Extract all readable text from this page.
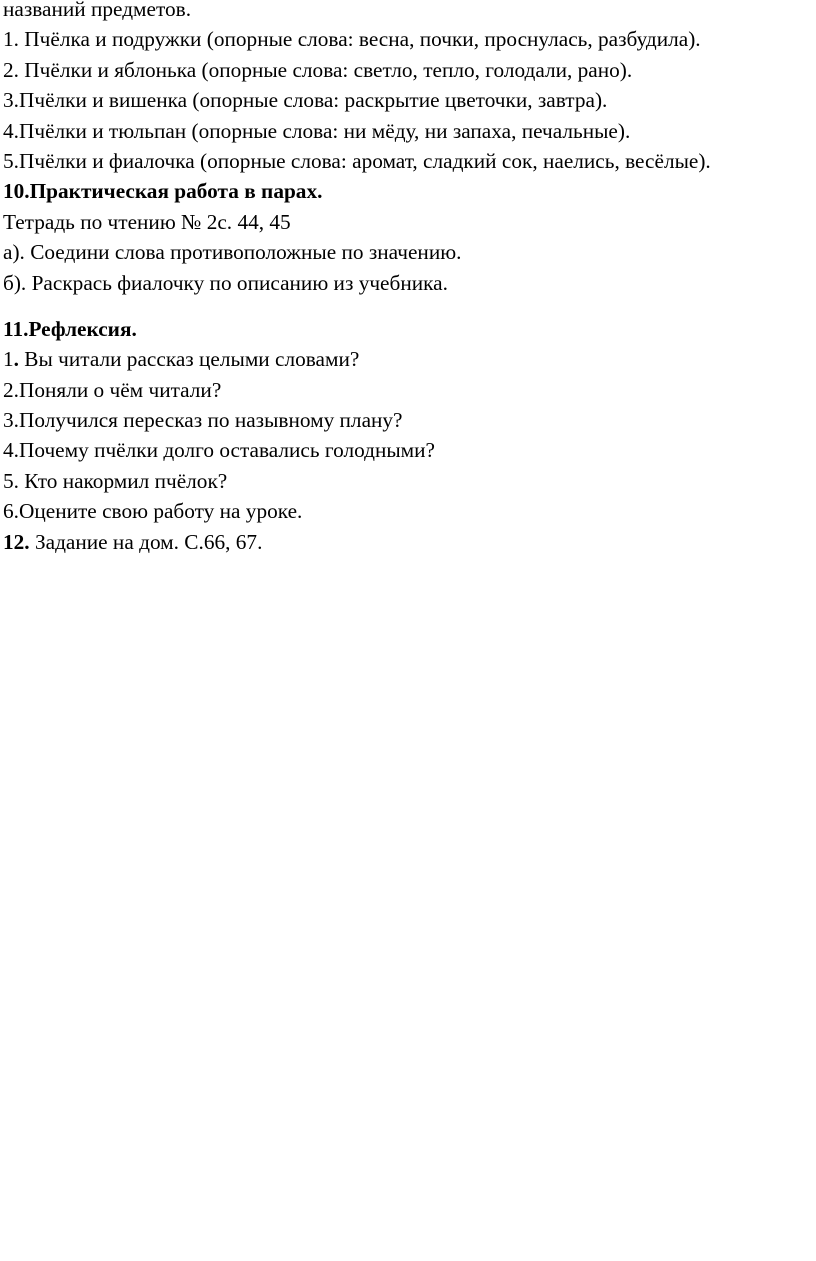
названий предметов.
1. Пчёлка и подружки (опорные слова: весна, почки, проснулась, разбудила).
2. Пчёлки и яблонька (опорные слова: светло, тепло, голодали, рано).
3.Пчёлки и вишенка (опорные слова: раскрытие цветочки, завтра).
4.Пчёлки и тюльпан (опорные слова: ни мёду, ни запаха, печальные).
5.Пчёлки и фиалочка (опорные слова: аромат, сладкий сок, наелись, весёлые).
10.Практическая работа в парах.
Тетрадь по чтению № 2с. 44, 45
а). Соедини слова противоположные по значению.
б). Раскрась фиалочку по описанию из учебника.
11.Рефлексия.
1. Вы читали рассказ целыми словами?
2.Поняли о чём читали?
3.Получился пересказ по назывному плану?
4.Почему пчёлки долго оставались голодными?
5. Кто накормил пчёлок?
6.Оцените свою работу на уроке.
12. Задание на дом. С.66, 67.
